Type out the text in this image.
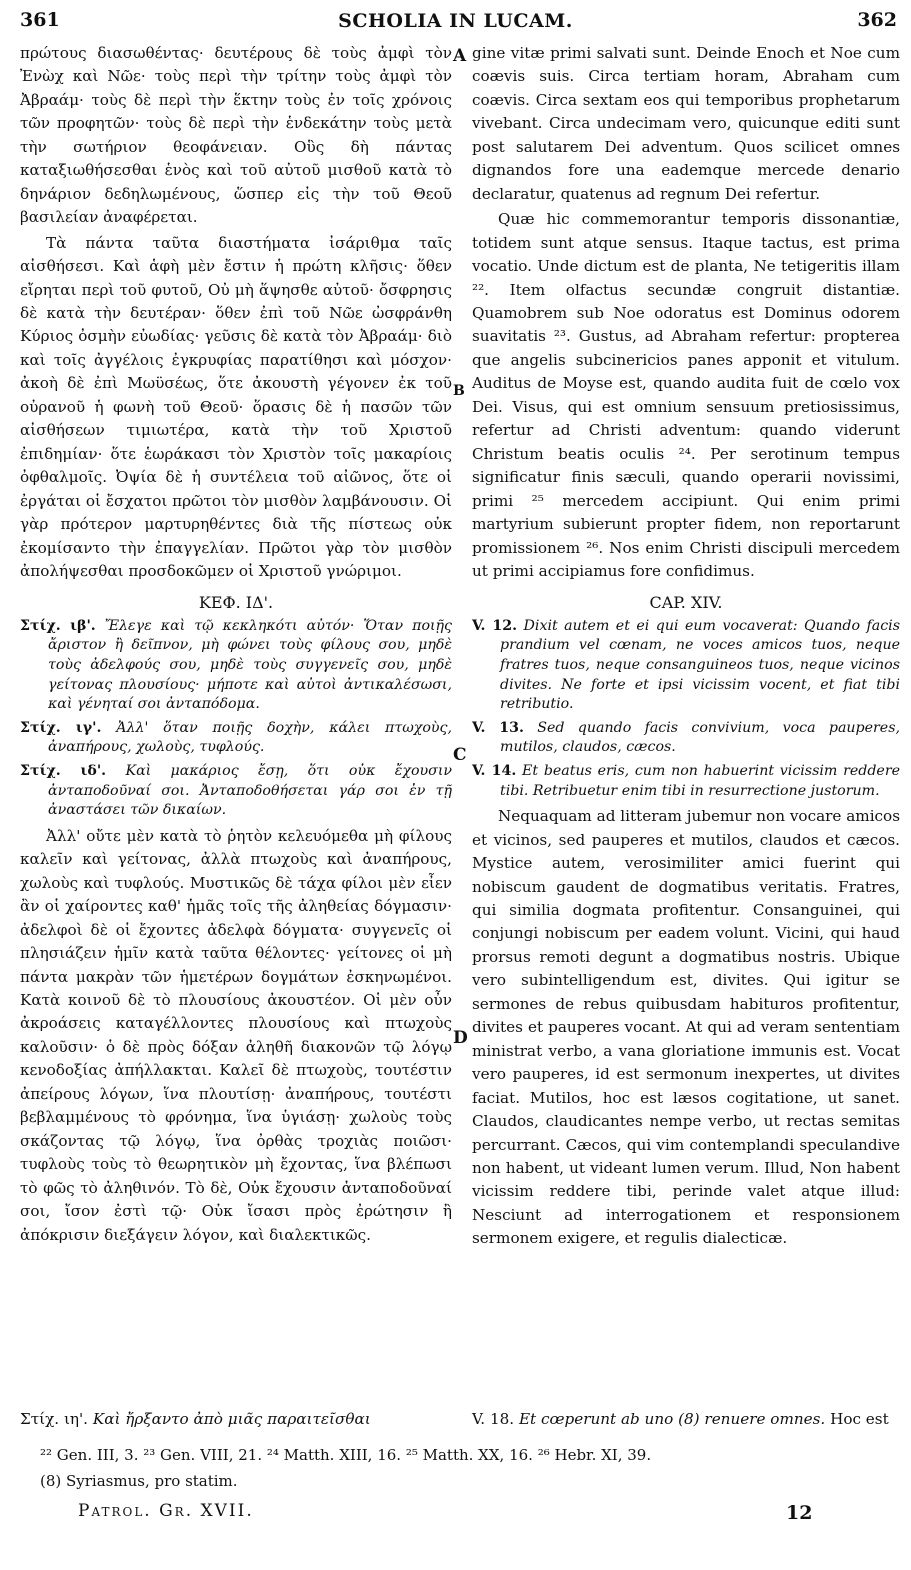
361	SCHOLIA IN LUCAM.	362
A
B
C
D

πρώτους διασωθέντας· δευτέρους δὲ τοὺς ἀμφὶ τὸν Ἐνὼχ καὶ Νῶε· τοὺς περὶ τὴν τρίτην τοὺς ἀμφὶ τὸν Ἀβραάμ· τοὺς δὲ περὶ τὴν ἕκτην τοὺς ἐν τοῖς χρόνοις τῶν προφητῶν· τοὺς δὲ περὶ τὴν ἑνδεκάτην τοὺς μετὰ τὴν σωτήριον θεοφάνειαν. Οὓς δὴ πάντας καταξιωθήσεσθαι ἑνὸς καὶ τοῦ αὐτοῦ μισθοῦ κατὰ τὸ δηνάριον δεδηλωμένους, ὥσπερ εἰς τὴν τοῦ Θεοῦ βασιλείαν ἀναφέρεται.

Τὰ πάντα ταῦτα διαστήματα ἰσάριθμα ταῖς αἰσθήσεσι. Καὶ ἁφὴ μὲν ἔστιν ἡ πρώτη κλῆσις· ὅθεν εἴρηται περὶ τοῦ φυτοῦ, Οὐ μὴ ἅψησθε αὐτοῦ· ὄσφρησις δὲ κατὰ τὴν δευτέραν· ὅθεν ἐπὶ τοῦ Νῶε ὠσφράνθη Κύριος ὀσμὴν εὐωδίας· γεῦσις δὲ κατὰ τὸν Ἀβραάμ· διὸ καὶ τοῖς ἀγγέλοις ἐγκρυφίας παρατίθησι καὶ μόσχον· ἀκοὴ δὲ ἐπὶ Μωϋσέως, ὅτε ἀκουστὴ γέγονεν ἐκ τοῦ οὐρανοῦ ἡ φωνὴ τοῦ Θεοῦ· ὅρασις δὲ ἡ πασῶν τῶν αἰσθήσεων τιμιωτέρα, κατὰ τὴν τοῦ Χριστοῦ ἐπιδημίαν· ὅτε ἑωράκασι τὸν Χριστὸν τοῖς μακαρίοις ὀφθαλμοῖς. Ὀψία δὲ ἡ συντέλεια τοῦ αἰῶνος, ὅτε οἱ ἐργάται οἱ ἔσχατοι πρῶτοι τὸν μισθὸν λαμβάνουσιν. Οἱ γὰρ πρότερον μαρτυρηθέντες διὰ τῆς πίστεως οὐκ ἐκομίσαντο τὴν ἐπαγγελίαν. Πρῶτοι γὰρ τὸν μισθὸν ἀπολήψεσθαι προσδοκῶμεν οἱ Χριστοῦ γνώριμοι.

ΚΕΦ. ΙΔ'.

Στίχ. ιβ'. Ἔλεγε καὶ τῷ κεκληκότι αὐτόν· Ὅταν ποιῇς ἄριστον ἢ δεῖπνον, μὴ φώνει τοὺς φίλους σου, μηδὲ τοὺς ἀδελφούς σου, μηδὲ τοὺς συγγενεῖς σου, μηδὲ γείτονας πλουσίους· μήποτε καὶ αὐτοὶ ἀντικαλέσωσι, καὶ γένηταί σοι ἀνταπόδομα.

Στίχ. ιγ'. Ἀλλ' ὅταν ποιῇς δοχὴν, κάλει πτωχοὺς, ἀναπήρους, χωλοὺς, τυφλούς.

Στίχ. ιδ'. Καὶ μακάριος ἔσῃ, ὅτι οὐκ ἔχουσιν ἀνταποδοῦναί σοι. Ἀνταποδοθήσεται γάρ σοι ἐν τῇ ἀναστάσει τῶν δικαίων.

Ἀλλ' οὔτε μὲν κατὰ τὸ ῥητὸν κελευόμεθα μὴ φίλους καλεῖν καὶ γείτονας, ἀλλὰ πτωχοὺς καὶ ἀναπήρους, χωλοὺς καὶ τυφλούς. Μυστικῶς δὲ τάχα φίλοι μὲν εἶεν ἂν οἱ χαίροντες καθ' ἡμᾶς τοῖς τῆς ἀληθείας δόγμασιν· ἀδελφοὶ δὲ οἱ ἔχοντες ἀδελφὰ δόγματα· συγγενεῖς οἱ πλησιάζειν ἡμῖν κατὰ ταῦτα θέλοντες· γείτονες οἱ μὴ πάντα μακρὰν τῶν ἡμετέρων δογμάτων ἐσκηνωμένοι. Κατὰ κοινοῦ δὲ τὸ πλουσίους ἀκουστέον. Οἱ μὲν οὖν ἀκροάσεις καταγέλλοντες πλουσίους καὶ πτωχοὺς καλοῦσιν· ὁ δὲ πρὸς δόξαν ἀληθῆ διακονῶν τῷ λόγῳ κενοδοξίας ἀπήλλακται. Καλεῖ δὲ πτωχοὺς, τουτέστιν ἀπείρους λόγων, ἵνα πλουτίσῃ· ἀναπήρους, τουτέστι βεβλαμμένους τὸ φρόνημα, ἵνα ὑγιάσῃ· χωλοὺς τοὺς σκάζοντας τῷ λόγῳ, ἵνα ὀρθὰς τροχιὰς ποιῶσι· τυφλοὺς τοὺς τὸ θεωρητικὸν μὴ ἔχοντας, ἵνα βλέπωσι τὸ φῶς τὸ ἀληθινόν. Τὸ δὲ, Οὐκ ἔχουσιν ἀνταποδοῦναί σοι, ἴσον ἐστὶ τῷ· Οὐκ ἴσασι πρὸς ἐρώτησιν ἢ ἀπόκρισιν διεξάγειν λόγον, καὶ διαλεκτικῶς.

gine vitæ primi salvati sunt. Deinde Enoch et Noe cum coævis suis. Circa tertiam horam, Abraham cum coævis. Circa sextam eos qui temporibus prophetarum vivebant. Circa undecimam vero, quicunque editi sunt post salutarem Dei adventum. Quos scilicet omnes dignandos fore una eademque mercede denario declaratur, quatenus ad regnum Dei refertur.

Quæ hic commemorantur temporis dissonantiæ, totidem sunt atque sensus. Itaque tactus, est prima vocatio. Unde dictum est de planta, Ne tetigeritis illam ²². Item olfactus secundæ congruit distantiæ. Quamobrem sub Noe odoratus est Dominus odorem suavitatis ²³. Gustus, ad Abraham refertur: propterea que angelis subcinericios panes apponit et vitulum. Auditus de Moyse est, quando audita fuit de cœlo vox Dei. Visus, qui est omnium sensuum pretiosissimus, refertur ad Christi adventum: quando viderunt Christum beatis oculis ²⁴. Per serotinum tempus significatur finis sæculi, quando operarii novissimi, primi ²⁵ mercedem accipiunt. Qui enim primi martyrium subierunt propter fidem, non reportarunt promissionem ²⁶. Nos enim Christi discipuli mercedem ut primi accipiamus fore confidimus.

CAP. XIV.

V. 12. Dixit autem et ei qui eum vocaverat: Quando facis prandium vel cœnam, ne voces amicos tuos, neque fratres tuos, neque consanguineos tuos, neque vicinos divites. Ne forte et ipsi vicissim vocent, et fiat tibi retributio.

V. 13. Sed quando facis convivium, voca pauperes, mutilos, claudos, cæcos.

V. 14. Et beatus eris, cum non habuerint vicissim reddere tibi. Retribuetur enim tibi in resurrectione justorum.

Nequaquam ad litteram jubemur non vocare amicos et vicinos, sed pauperes et mutilos, claudos et cæcos. Mystice autem, verosimiliter amici fuerint qui nobiscum gaudent de dogmatibus veritatis. Fratres, qui similia dogmata profitentur. Consanguinei, qui conjungi nobiscum per eadem volunt. Vicini, qui haud prorsus remoti degunt a dogmatibus nostris. Ubique vero subintelligendum est, divites. Qui igitur se sermones de rebus quibusdam habituros profitentur, divites et pauperes vocant. At qui ad veram sententiam ministrat verbo, a vana gloriatione immunis est. Vocat vero pauperes, id est sermonum inexpertes, ut divites faciat. Mutilos, hoc est læsos cogitatione, ut sanet. Claudos, claudicantes nempe verbo, ut rectas semitas percurrant. Cæcos, qui vim contemplandi speculandive non habent, ut videant lumen verum. Illud, Non habent vicissim reddere tibi, perinde valet atque illud: Nesciunt ad interrogationem et responsionem sermonem exigere, et regulis dialecticæ.

Στίχ. ιη'. Καὶ ἤρξαντο ἀπὸ μιᾶς παραιτεῖσθαι	V. 18. Et cœperunt ab uno (8) renuere omnes. Hoc est
²² Gen. III, 3. ²³ Gen. VIII, 21. ²⁴ Matth. XIII, 16. ²⁵ Matth. XX, 16. ²⁶ Hebr. XI, 39.
(8) Syriasmus, pro statim.
Patrol. Gr. XVII.	12
